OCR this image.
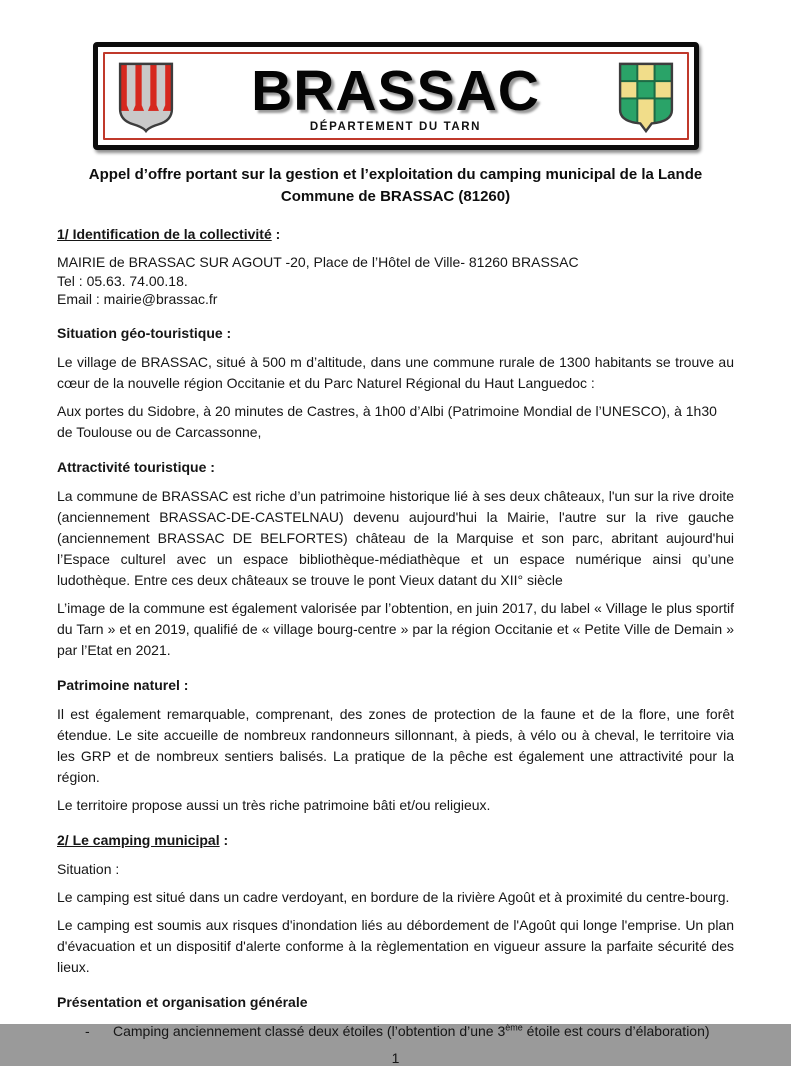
BRASSAC
DÉPARTEMENT DU TARN
Appel d’offre portant sur la gestion et l’exploitation du camping municipal de la Lande
Commune de BRASSAC (81260)

1/ Identification de la collectivité :

MAIRIE de BRASSAC SUR AGOUT -20, Place de l’Hôtel de Ville- 81260 BRASSAC

Tel : 05.63. 74.00.18.

Email : mairie@brassac.fr

Situation géo-touristique :

Le village de BRASSAC, situé à 500 m d’altitude, dans une commune rurale de 1300 habitants se trouve au cœur de la nouvelle région Occitanie et du Parc Naturel Régional du Haut Languedoc :

Aux portes du Sidobre, à 20 minutes de Castres, à 1h00 d’Albi (Patrimoine Mondial de l’UNESCO), à 1h30 de Toulouse ou de Carcassonne,

Attractivité touristique :

La commune de BRASSAC est riche d’un patrimoine historique lié à ses deux châteaux, l'un sur la rive droite (anciennement BRASSAC-DE-CASTELNAU) devenu aujourd'hui la Mairie, l'autre sur la rive gauche (anciennement BRASSAC DE BELFORTES) château de la Marquise et son parc, abritant aujourd'hui l’Espace culturel avec un espace bibliothèque-médiathèque et un espace numérique ainsi qu’une ludothèque. Entre ces deux châteaux se trouve le pont Vieux datant du XII° siècle

L’image de la commune est également valorisée par l’obtention, en juin 2017, du label « Village le plus sportif du Tarn » et en 2019, qualifié de « village bourg-centre » par la région Occitanie et « Petite Ville de Demain » par l’Etat en 2021.

Patrimoine naturel :

Il est également remarquable, comprenant, des zones de protection de la faune et de la flore, une forêt étendue. Le site accueille de nombreux randonneurs sillonnant, à pieds, à vélo ou à cheval, le territoire via les GRP et de nombreux sentiers balisés. La pratique de la pêche est également une attractivité pour la région.

Le territoire propose aussi un très riche patrimoine bâti et/ou religieux.

2/ Le camping municipal :

Situation :

Le camping est situé dans un cadre verdoyant, en bordure de la rivière Agoût et à proximité du centre-bourg.

Le camping est soumis aux risques d'inondation liés au débordement de l'Agoût qui longe l'emprise. Un plan d'évacuation et un dispositif d'alerte conforme à la règlementation en vigueur assure la parfaite sécurité des lieux.

Présentation et organisation générale

-	Camping anciennement classé deux étoiles (l’obtention d’une 3ème étoile est cours d’élaboration)
1
